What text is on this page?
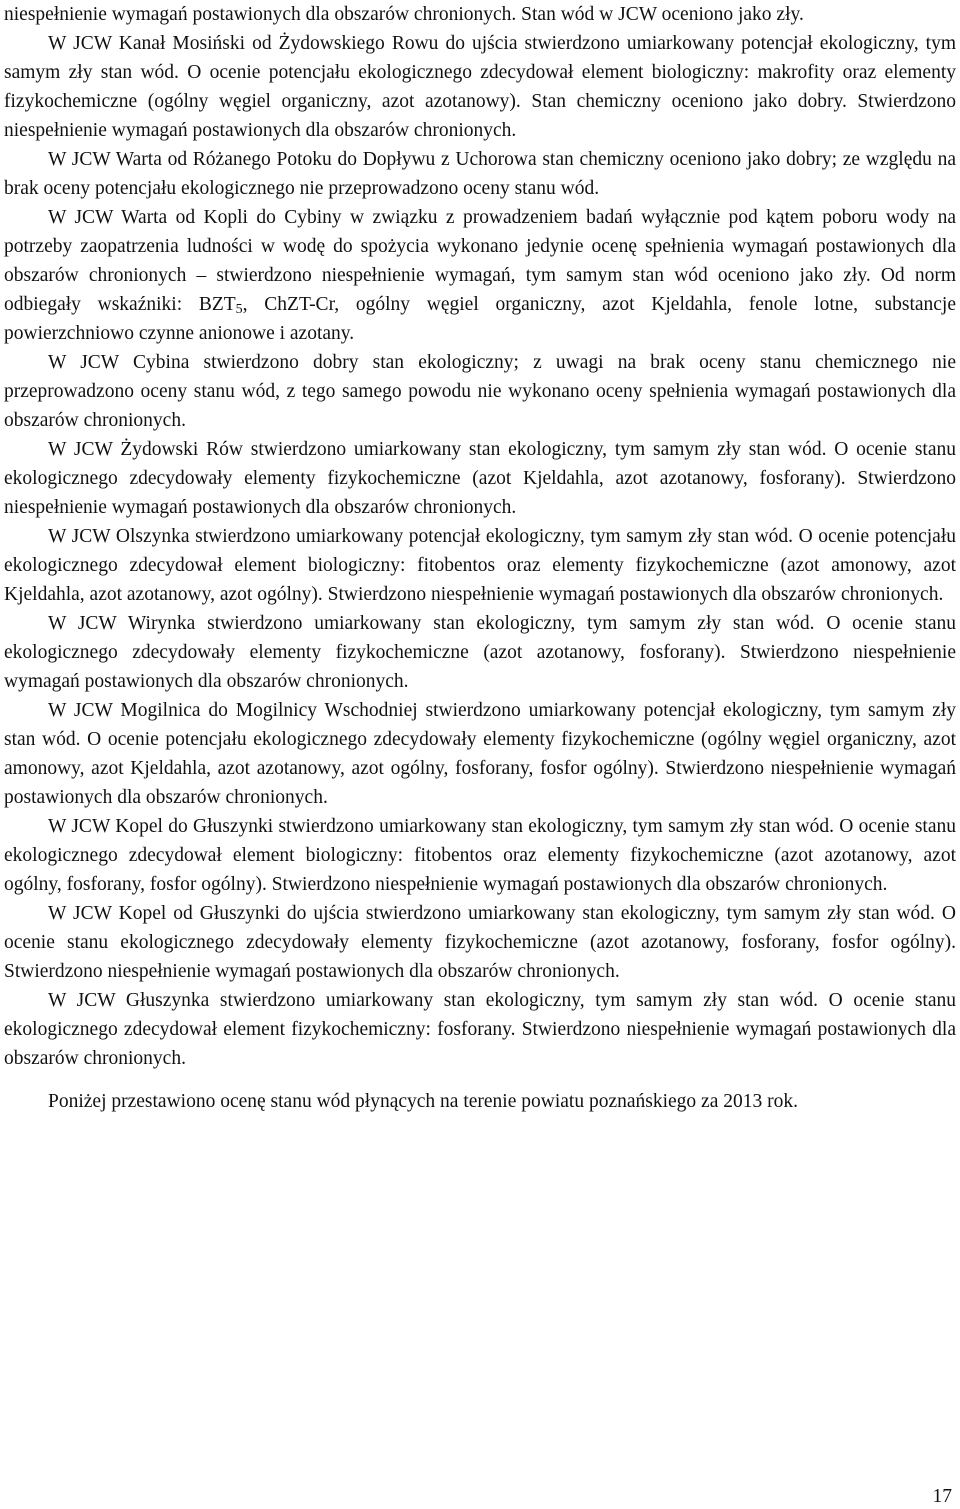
niespełnienie wymagań postawionych dla obszarów chronionych. Stan wód w JCW oceniono jako zły.

W JCW Kanał Mosiński od Żydowskiego Rowu do ujścia stwierdzono umiarkowany potencjał ekologiczny, tym samym zły stan wód. O ocenie potencjału ekologicznego zdecydował element biologiczny: makrofity oraz elementy fizykochemiczne (ogólny węgiel organiczny, azot azotanowy). Stan chemiczny oceniono jako dobry. Stwierdzono niespełnienie wymagań postawionych dla obszarów chronionych.

W JCW Warta od Różanego Potoku do Dopływu z Uchorowa stan chemiczny oceniono jako dobry; ze względu na brak oceny potencjału ekologicznego nie przeprowadzono oceny stanu wód.

W JCW Warta od Kopli do Cybiny w związku z prowadzeniem badań wyłącznie pod kątem poboru wody na potrzeby zaopatrzenia ludności w wodę do spożycia wykonano jedynie ocenę spełnienia wymagań postawionych dla obszarów chronionych – stwierdzono niespełnienie wymagań, tym samym stan wód oceniono jako zły. Od norm odbiegały wskaźniki: $BZT_5$, ChZT-Cr, ogólny węgiel organiczny, azot Kjeldahla, fenole lotne, substancje powierzchniowo czynne anionowe i azotany.

W JCW Cybina stwierdzono dobry stan ekologiczny; z uwagi na brak oceny stanu chemicznego nie przeprowadzono oceny stanu wód, z tego samego powodu nie wykonano oceny spełnienia wymagań postawionych dla obszarów chronionych.

W JCW Żydowski Rów stwierdzono umiarkowany stan ekologiczny, tym samym zły stan wód. O ocenie stanu ekologicznego zdecydowały elementy fizykochemiczne (azot Kjeldahla, azot azotanowy, fosforany). Stwierdzono niespełnienie wymagań postawionych dla obszarów chronionych.

W JCW Olszynka stwierdzono umiarkowany potencjał ekologiczny, tym samym zły stan wód. O ocenie potencjału ekologicznego zdecydował element biologiczny: fitobentos oraz elementy fizykochemiczne (azot amonowy, azot Kjeldahla, azot azotanowy, azot ogólny). Stwierdzono niespełnienie wymagań postawionych dla obszarów chronionych.

W JCW Wirynka stwierdzono umiarkowany stan ekologiczny, tym samym zły stan wód. O ocenie stanu ekologicznego zdecydowały elementy fizykochemiczne (azot azotanowy, fosforany). Stwierdzono niespełnienie wymagań postawionych dla obszarów chronionych.

W JCW Mogilnica do Mogilnicy Wschodniej stwierdzono umiarkowany potencjał ekologiczny, tym samym zły stan wód. O ocenie potencjału ekologicznego zdecydowały elementy fizykochemiczne (ogólny węgiel organiczny, azot amonowy, azot Kjeldahla, azot azotanowy, azot ogólny, fosforany, fosfor ogólny). Stwierdzono niespełnienie wymagań postawionych dla obszarów chronionych.

W JCW Kopel do Głuszynki stwierdzono umiarkowany stan ekologiczny, tym samym zły stan wód. O ocenie stanu ekologicznego zdecydował element biologiczny: fitobentos oraz elementy fizykochemiczne (azot azotanowy, azot ogólny, fosforany, fosfor ogólny). Stwierdzono niespełnienie wymagań postawionych dla obszarów chronionych.

W JCW Kopel od Głuszynki do ujścia stwierdzono umiarkowany stan ekologiczny, tym samym zły stan wód. O ocenie stanu ekologicznego zdecydowały elementy fizykochemiczne (azot azotanowy, fosforany, fosfor ogólny). Stwierdzono niespełnienie wymagań postawionych dla obszarów chronionych.

W JCW Głuszynka stwierdzono umiarkowany stan ekologiczny, tym samym zły stan wód. O ocenie stanu ekologicznego zdecydował element fizykochemiczny: fosforany. Stwierdzono niespełnienie wymagań postawionych dla obszarów chronionych.

Poniżej przestawiono ocenę stanu wód płynących na terenie powiatu poznańskiego za 2013 rok.

17
